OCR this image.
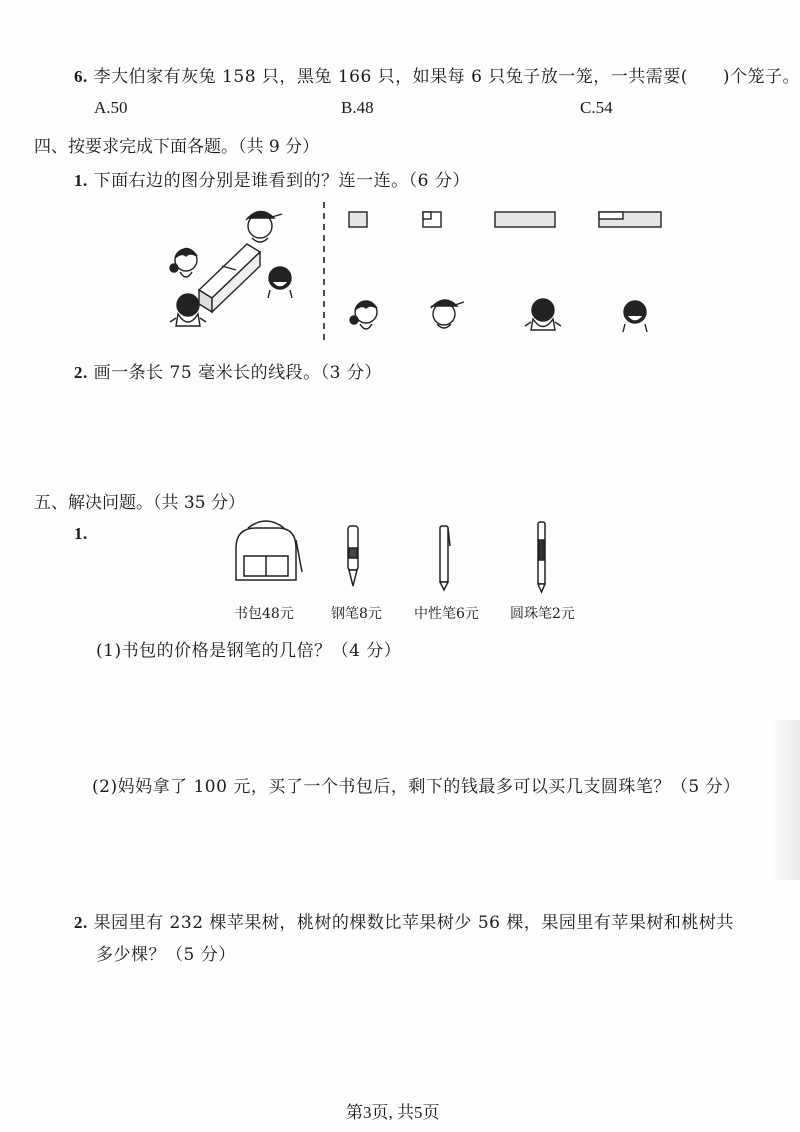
6. 李大伯家有灰兔 158 只，黑兔 166 只，如果每 6 只兔子放一笼，一共需要(　　)个笼子。
A.50	B.48	C.54
四、按要求完成下面各题。（共 9 分）
1. 下面右边的图分别是谁看到的？连一连。（6 分）
2. 画一条长 75 毫米长的线段。（3 分）
五、解决问题。（共 35 分）
1.
书包48元	钢笔8元 中性笔6元 圆珠笔2元
(1)书包的价格是钢笔的几倍？（4 分）
(2)妈妈拿了 100 元，买了一个书包后，剩下的钱最多可以买几支圆珠笔？（5 分）
2. 果园里有 232 棵苹果树，桃树的棵数比苹果树少 56 棵，果园里有苹果树和桃树共
多少棵？（5 分）
第3页, 共5页
